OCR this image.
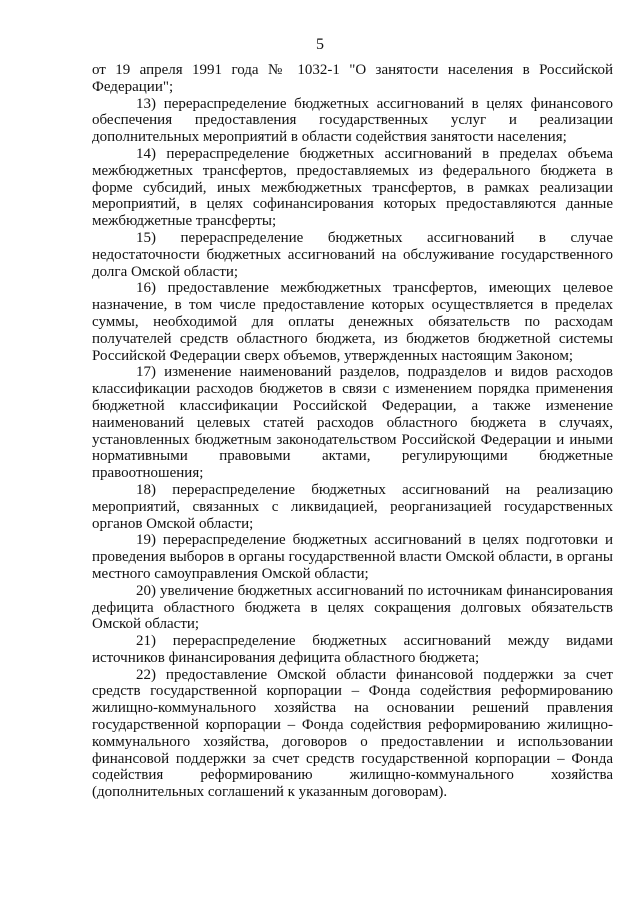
5

от 19 апреля 1991 года № 1032-1 "О занятости населения в Российской Федерации";

13) перераспределение бюджетных ассигнований в целях финансового обеспечения предоставления государственных услуг и реализации дополнительных мероприятий в области содействия занятости населения;

14) перераспределение бюджетных ассигнований в пределах объема межбюджетных трансфертов, предоставляемых из федерального бюджета в форме субсидий, иных межбюджетных трансфертов, в рамках реализации мероприятий, в целях софинансирования которых предоставляются данные межбюджетные трансферты;

15) перераспределение бюджетных ассигнований в случае недостаточности бюджетных ассигнований на обслуживание государственного долга Омской области;

16) предоставление межбюджетных трансфертов, имеющих целевое назначение, в том числе предоставление которых осуществляется в пределах суммы, необходимой для оплаты денежных обязательств по расходам получателей средств областного бюджета, из бюджетов бюджетной системы Российской Федерации сверх объемов, утвержденных настоящим Законом;

17) изменение наименований разделов, подразделов и видов расходов классификации расходов бюджетов в связи с изменением порядка применения бюджетной классификации Российской Федерации, а также изменение наименований целевых статей расходов областного бюджета в случаях, установленных бюджетным законодательством Российской Федерации и иными нормативными правовыми актами, регулирующими бюджетные правоотношения;

18) перераспределение бюджетных ассигнований на реализацию мероприятий, связанных с ликвидацией, реорганизацией государственных органов Омской области;

19) перераспределение бюджетных ассигнований в целях подготовки и проведения выборов в органы государственной власти Омской области, в органы местного самоуправления Омской области;

20) увеличение бюджетных ассигнований по источникам финансирования дефицита областного бюджета в целях сокращения долговых обязательств Омской области;

21) перераспределение бюджетных ассигнований между видами источников финансирования дефицита областного бюджета;

22) предоставление Омской области финансовой поддержки за счет средств государственной корпорации – Фонда содействия реформированию жилищно-коммунального хозяйства на основании решений правления государственной корпорации – Фонда содействия реформированию жилищно-коммунального хозяйства, договоров о предоставлении и использовании финансовой поддержки за счет средств государственной корпорации – Фонда содействия реформированию жилищно-коммунального хозяйства (дополнительных соглашений к указанным договорам).
